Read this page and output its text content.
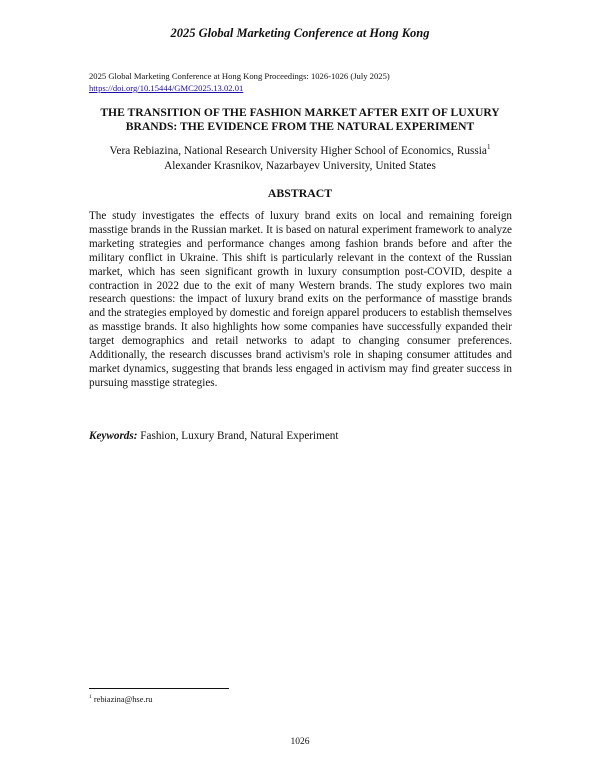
2025 Global Marketing Conference at Hong Kong
2025 Global Marketing Conference at Hong Kong Proceedings: 1026-1026 (July 2025)
https://doi.org/10.15444/GMC2025.13.02.01
THE TRANSITION OF THE FASHION MARKET AFTER EXIT OF LUXURY BRANDS: THE EVIDENCE FROM THE NATURAL EXPERIMENT
Vera Rebiazina, National Research University Higher School of Economics, Russia$^1$
Alexander Krasnikov, Nazarbayev University, United States
ABSTRACT
The study investigates the effects of luxury brand exits on local and remaining foreign masstige brands in the Russian market. It is based on natural experiment framework to analyze marketing strategies and performance changes among fashion brands before and after the military conflict in Ukraine. This shift is particularly relevant in the context of the Russian market, which has seen significant growth in luxury consumption post-COVID, despite a contraction in 2022 due to the exit of many Western brands. The study explores two main research questions: the impact of luxury brand exits on the performance of masstige brands and the strategies employed by domestic and foreign apparel producers to establish themselves as masstige brands. It also highlights how some companies have successfully expanded their target demographics and retail networks to adapt to changing consumer preferences. Additionally, the research discusses brand activism's role in shaping consumer attitudes and market dynamics, suggesting that brands less engaged in activism may find greater success in pursuing masstige strategies.
Keywords: Fashion, Luxury Brand, Natural Experiment
$^1$ rebiazina@hse.ru
1026
